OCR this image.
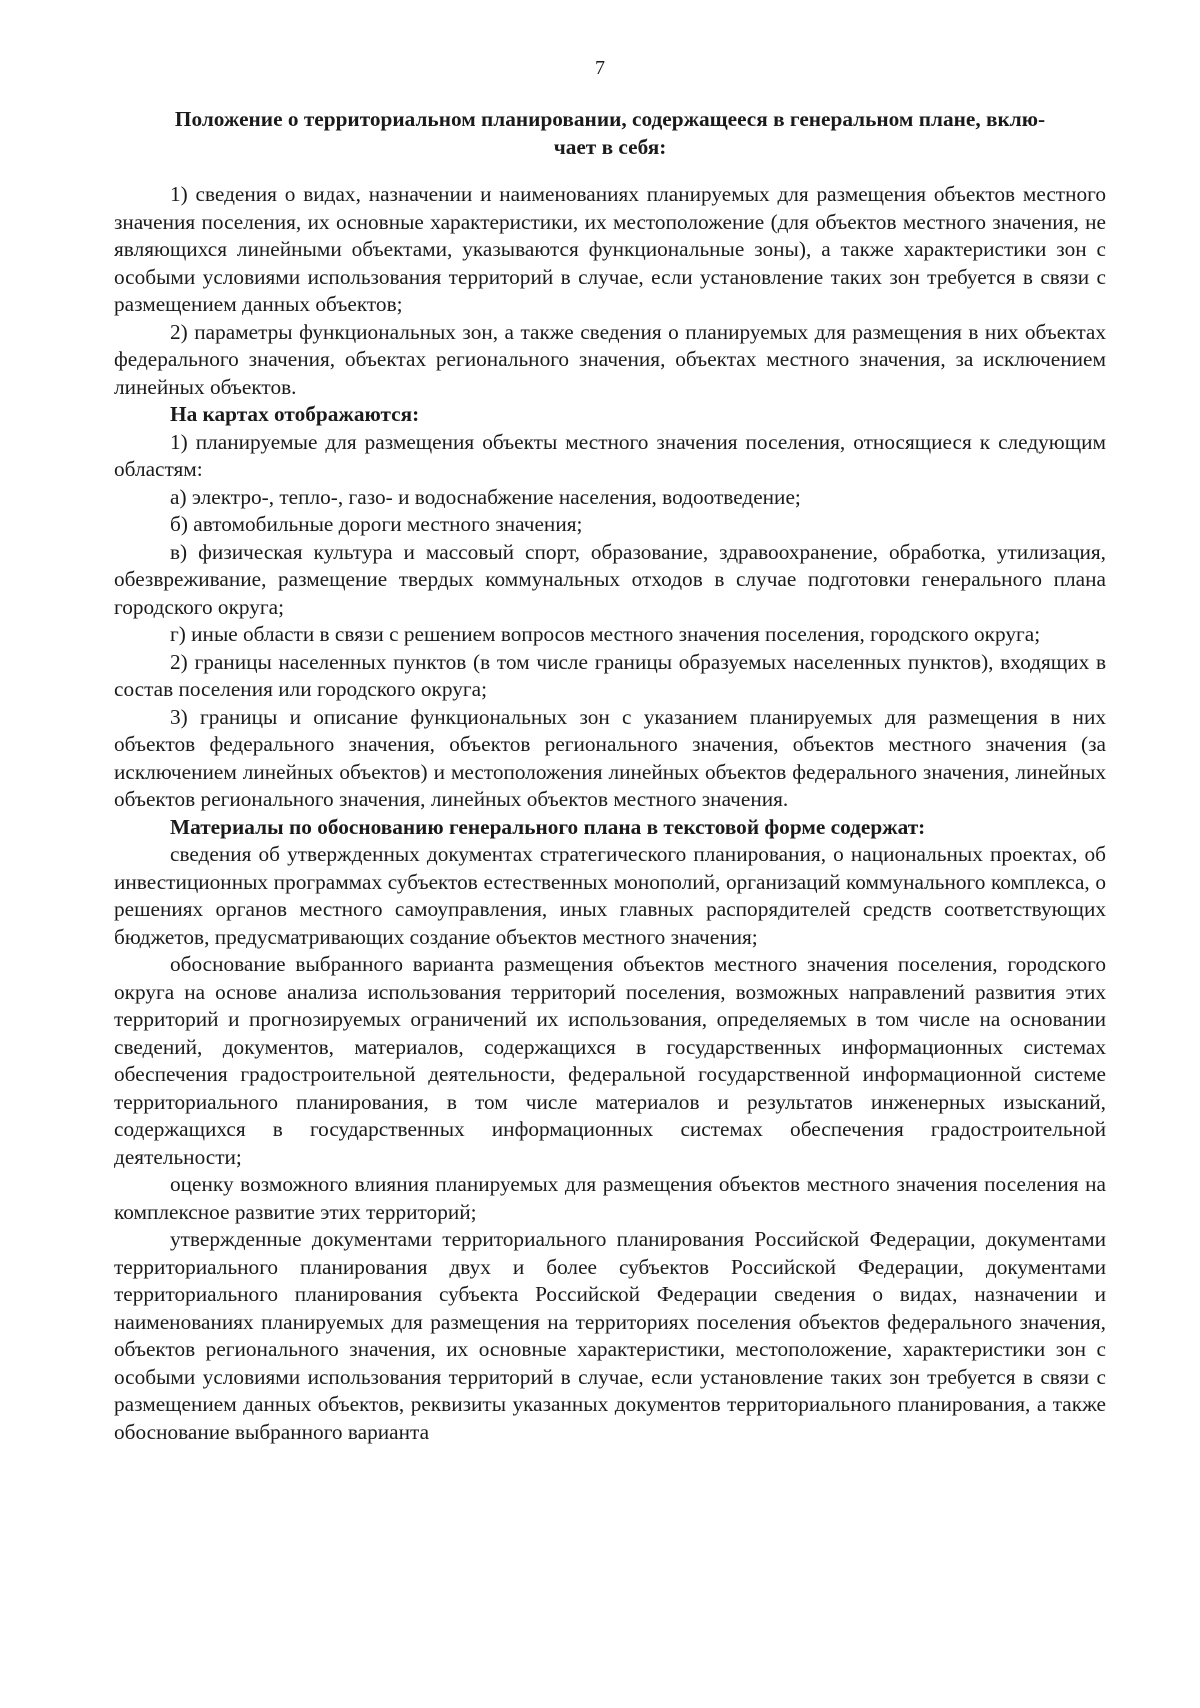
7
Положение о территориальном планировании, содержащееся в генеральном плане, вклю-
чает в себя:

1) сведения о видах, назначении и наименованиях планируемых для размещения объектов местного значения поселения, их основные характеристики, их местоположение (для объектов местного значения, не являющихся линейными объектами, указываются функциональные зоны), а также характеристики зон с особыми условиями использования территорий в случае, если установление таких зон требуется в связи с размещением данных объектов;

2) параметры функциональных зон, а также сведения о планируемых для размещения в них объектах федерального значения, объектах регионального значения, объектах местного значения, за исключением линейных объектов.

На картах отображаются:

1) планируемые для размещения объекты местного значения поселения, относящиеся к следующим областям:

а) электро-, тепло-, газо- и водоснабжение населения, водоотведение;

б) автомобильные дороги местного значения;

в) физическая культура и массовый спорт, образование, здравоохранение, обработка, утилизация, обезвреживание, размещение твердых коммунальных отходов в случае подготовки генерального плана городского округа;

г) иные области в связи с решением вопросов местного значения поселения, городского округа;

2) границы населенных пунктов (в том числе границы образуемых населенных пунктов), входящих в состав поселения или городского округа;

3) границы и описание функциональных зон с указанием планируемых для размещения в них объектов федерального значения, объектов регионального значения, объектов местного значения (за исключением линейных объектов) и местоположения линейных объектов федерального значения, линейных объектов регионального значения, линейных объектов местного значения.

Материалы по обоснованию генерального плана в текстовой форме содержат:

сведения об утвержденных документах стратегического планирования, о национальных проектах, об инвестиционных программах субъектов естественных монополий, организаций коммунального комплекса, о решениях органов местного самоуправления, иных главных распорядителей средств соответствующих бюджетов, предусматривающих создание объектов местного значения;

обоснование выбранного варианта размещения объектов местного значения поселения, городского округа на основе анализа использования территорий поселения, возможных направлений развития этих территорий и прогнозируемых ограничений их использования, определяемых в том числе на основании сведений, документов, материалов, содержащихся в государственных информационных системах обеспечения градостроительной деятельности, федеральной государственной информационной системе территориального планирования, в том числе материалов и результатов инженерных изысканий, содержащихся в государственных информационных системах обеспечения градостроительной деятельности;

оценку возможного влияния планируемых для размещения объектов местного значения поселения на комплексное развитие этих территорий;

утвержденные документами территориального планирования Российской Федерации, документами территориального планирования двух и более субъектов Российской Федерации, документами территориального планирования субъекта Российской Федерации сведения о видах, назначении и наименованиях планируемых для размещения на территориях поселения объектов федерального значения, объектов регионального значения, их основные характеристики, местоположение, характеристики зон с особыми условиями использования территорий в случае, если установление таких зон требуется в связи с размещением данных объектов, реквизиты указанных документов территориального планирования, а также обоснование выбранного варианта
